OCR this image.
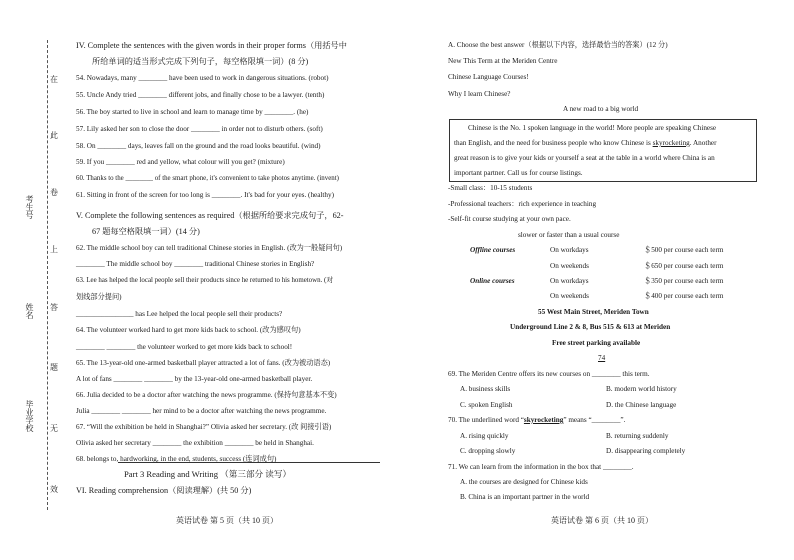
考生号
姓名
毕业学校
在
此
卷
上
答
题
无
效
IV. Complete the sentences with the given words in their proper forms（用括号中
所给单词的适当形式完成下列句子，每空格限填一词）(8 分)
54. Nowadays, many ________ have been used to work in dangerous situations. (robot)
55. Uncle Andy tried ________ different jobs, and finally chose to be a lawyer. (tenth)
56. The boy started to live in school and learn to manage time by ________. (he)
57. Lily asked her son to close the door ________ in order not to disturb others. (soft)
58. On ________ days, leaves fall on the ground and the road looks beautiful. (wind)
59. If you ________ red and yellow, what colour will you get? (mixture)
60. Thanks to the ________ of the smart phone, it's convenient to take photos anytime. (invent)
61. Sitting in front of the screen for too long is ________. It's bad for your eyes. (healthy)
V. Complete the following sentences as required（根据所给要求完成句子，62-
67 题每空格限填一词）(14 分)
62. The middle school boy can tell traditional Chinese stories in English. (改为一般疑问句)
________ The middle school boy ________ traditional Chinese stories in English?
63. Lee has helped the local people sell their products since he returned to his hometown. (对
划线部分提问)
________________ has Lee helped the local people sell their products?
64. The volunteer worked hard to get more kids back to school. (改为感叹句)
________ ________ the volunteer worked to get more kids back to school!
65. The 13-year-old one-armed basketball player attracted a lot of fans. (改为被动语态)
A lot of fans ________ ________ by the 13-year-old one-armed basketball player.
66. Julia decided to be a doctor after watching the news programme. (保持句意基本不变)
Julia ________ ________ her mind to be a doctor after watching the news programme.
67. “Will the exhibition be held in Shanghai?” Olivia asked her secretary. (改 间接引语)
Olivia asked her secretary ________ the exhibition ________ be held in Shanghai.
68. belongs to, hardworking, in the end, students, success (连词成句)
Part 3 Reading and Writing （第三部分 读写）
VI. Reading comprehension（阅读理解）(共 50 分)
英语试卷 第 5 页（共 10 页）
A. Choose the best answer（根据以下内容，选择最恰当的答案）(12 分)
New This Term at the Meriden Centre
Chinese Language Courses!
Why I learn Chinese?
A new road to a big world
Chinese is the No. 1 spoken language in the world! More people are speaking Chinese
than English, and the need for business people who know Chinese is skyrocketing. Another
great reason is to give your kids or yourself a seat at the table in a world where China is an
important partner. Call us for course listings.
-Small class：10-15 students
-Professional teachers：rich experience in teaching
-Self-fit course studying at your own pace.
slower or faster than a usual course
Offline courses	On workdays	＄500 per course each term
On weekends	＄650 per course each term
Online courses	On workdays	＄350 per course each term
On weekends	＄400 per course each term
55 West Main Street, Meriden Town
Underground Line 2 & 8, Bus 515 & 613 at Meriden
Free street parking available
74
69. The Meriden Centre offers its new courses on ________ this term.
A. business skills	B. modern world history
C. spoken English	D. the Chinese language
70. The underlined word “skyrocketing” means “________”.
A. rising quickly	B. returning suddenly
C. dropping slowly	D. disappearing completely
71. We can learn from the information in the box that ________.
A. the courses are designed for Chinese kids
B. China is an important partner in the world
英语试卷 第 6 页（共 10 页）
